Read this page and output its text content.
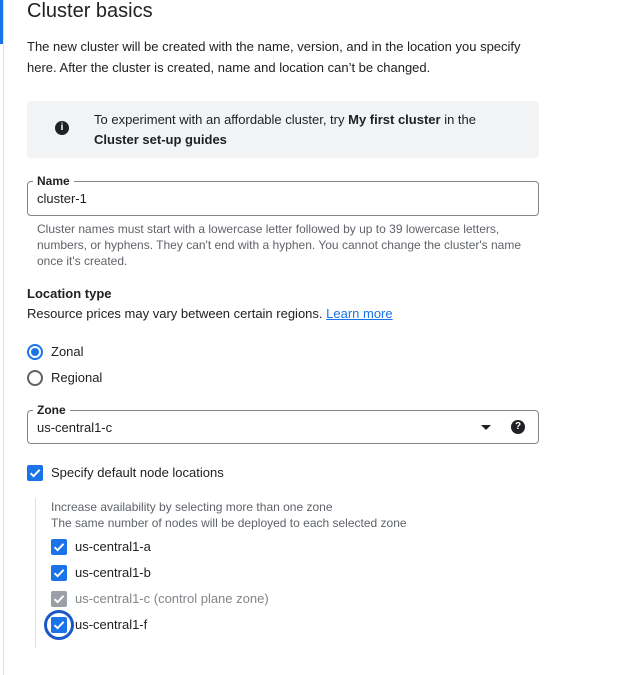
Cluster basics
The new cluster will be created with the name, version, and in the location you specify here. After the cluster is created, name and location can’t be changed.
i
To experiment with an affordable cluster, try My first cluster in the Cluster set-up guides
Name
cluster-1
Cluster names must start with a lowercase letter followed by up to 39 lowercase letters, numbers, or hyphens. They can't end with a hyphen. You cannot change the cluster's name once it's created.
Location type
Resource prices may vary between certain regions. Learn more
Zonal
Regional
Zone
us-central1-c	?
Specify default node locations
Increase availability by selecting more than one zone
The same number of nodes will be deployed to each selected zone
us-central1-a
us-central1-b
us-central1-c (control plane zone)
us-central1-f
